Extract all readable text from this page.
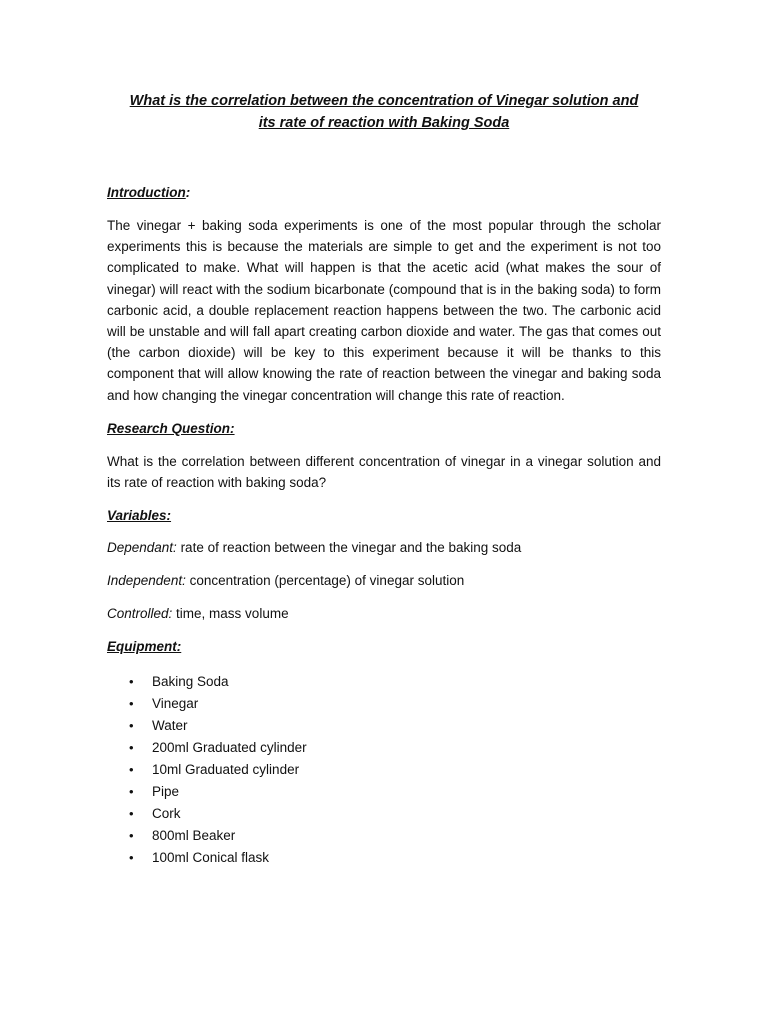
What is the correlation between the concentration of Vinegar solution and
its rate of reaction with Baking Soda
Introduction:
The vinegar + baking soda experiments is one of the most popular through the scholar experiments this is because the materials are simple to get and the experiment is not too complicated to make. What will happen is that the acetic acid (what makes the sour of vinegar) will react with the sodium bicarbonate (compound that is in the baking soda) to form carbonic acid, a double replacement reaction happens between the two. The carbonic acid will be unstable and will fall apart creating carbon dioxide and water. The gas that comes out (the carbon dioxide) will be key to this experiment because it will be thanks to this component that will allow knowing the rate of reaction between the vinegar and baking soda and how changing the vinegar concentration will change this rate of reaction.
Research Question:
What is the correlation between different concentration of vinegar in a vinegar solution and its rate of reaction with baking soda?
Variables:
Dependant: rate of reaction between the vinegar and the baking soda
Independent: concentration (percentage) of vinegar solution
Controlled: time, mass volume
Equipment:
• Baking Soda
• Vinegar
• Water
• 200ml Graduated cylinder
• 10ml Graduated cylinder
• Pipe
• Cork
• 800ml Beaker
• 100ml Conical flask
